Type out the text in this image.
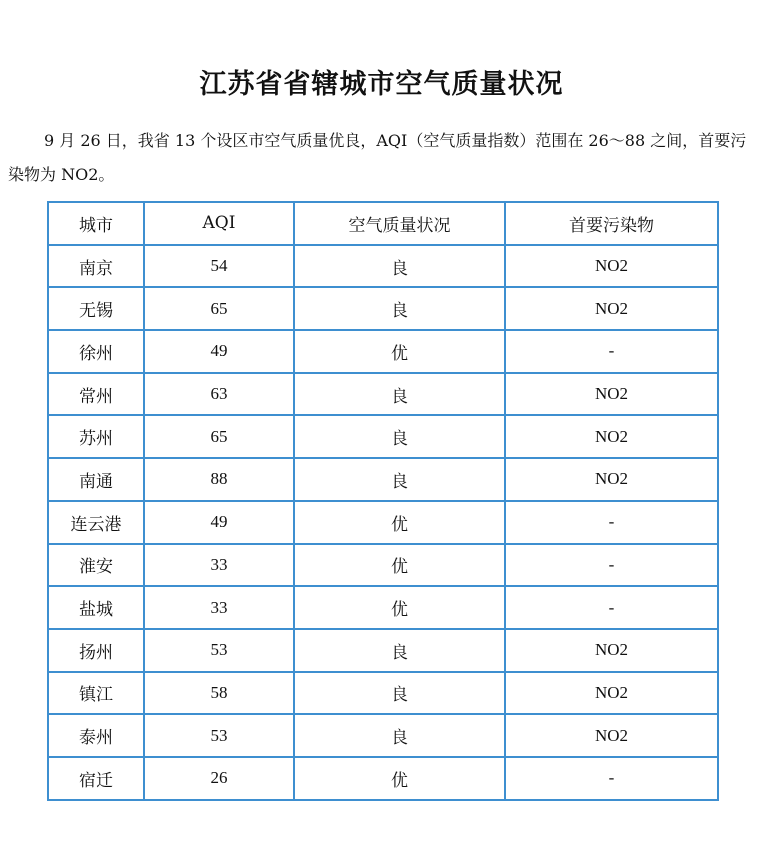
江苏省省辖城市空气质量状况
9 月 26 日，我省 13 个设区市空气质量优良，AQI（空气质量指数）范围在 26～88 之间，首要污染物为 NO2。
城市	AQI	空气质量状况	首要污染物
南京	54	良	NO2
无锡	65	良	NO2
徐州	49	优	-
常州	63	良	NO2
苏州	65	良	NO2
南通	88	良	NO2
连云港	49	优	-
淮安	33	优	-
盐城	33	优	-
扬州	53	良	NO2
镇江	58	良	NO2
泰州	53	良	NO2
宿迁	26	优	-
